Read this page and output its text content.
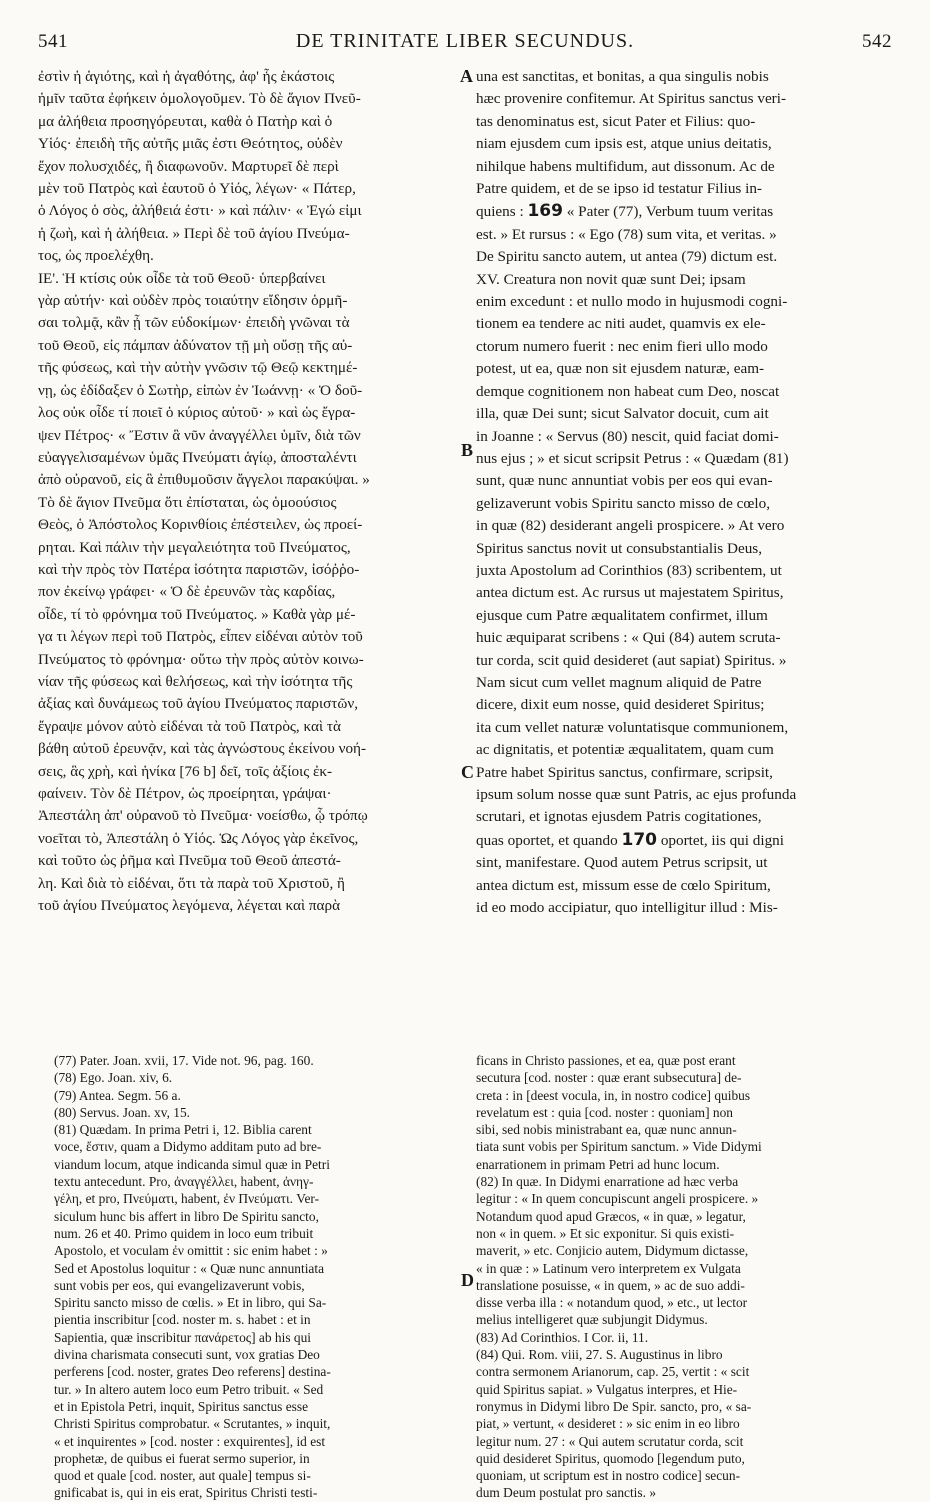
541	DE TRINITATE LIBER SECUNDUS.	542
ἐστὶν ἡ ἁγιότης, καὶ ἡ ἀγαθότης, ἀφ' ἧς ἑκάστοις
ἡμῖν ταῦτα ἐφήκειν ὁμολογοῦμεν. Τὸ δὲ ἅγιον Πνεῦ-
μα ἀλήθεια προσηγόρευται, καθὰ ὁ Πατὴρ καὶ ὁ
Υἱός· ἐπειδὴ τῆς αὐτῆς μιᾶς ἐστι Θεότητος, οὐδὲν
ἔχον πολυσχιδές, ἢ διαφωνοῦν. Μαρτυρεῖ δὲ περὶ
μὲν τοῦ Πατρὸς καὶ ἑαυτοῦ ὁ Υἱός, λέγων· « Πάτερ,
ὁ Λόγος ὁ σὸς, ἀλήθειά ἐστι· » καὶ πάλιν· « Ἐγώ εἰμι
ἡ ζωὴ, καὶ ἡ ἀλήθεια. » Περὶ δὲ τοῦ ἁγίου Πνεύμα-
τος, ὡς προελέχθη.
ΙΕ'. Ἡ κτίσις οὐκ οἶδε τὰ τοῦ Θεοῦ· ὑπερβαίνει
γὰρ αὐτήν· καὶ οὐδὲν πρὸς τοιαύτην εἴδησιν ὁρμῆ-
σαι τολμᾷ, κἂν ᾖ τῶν εὐδοκίμων· ἐπειδὴ γνῶναι τὰ
τοῦ Θεοῦ, εἰς πάμπαν ἀδύνατον τῇ μὴ οὔσῃ τῆς αὐ-
τῆς φύσεως, καὶ τὴν αὐτὴν γνῶσιν τῷ Θεῷ κεκτημέ-
νῃ, ὡς ἐδίδαξεν ὁ Σωτὴρ, εἰπὼν ἐν Ἰωάννῃ· « Ὁ δοῦ-
λος οὐκ οἶδε τί ποιεῖ ὁ κύριος αὐτοῦ· » καὶ ὡς ἔγρα-
ψεν Πέτρος· « Ἔστιν ἃ νῦν ἀναγγέλλει ὑμῖν, διὰ τῶν
εὐαγγελισαμένων ὑμᾶς Πνεύματι ἁγίῳ, ἀποσταλέντι
ἀπὸ οὐρανοῦ, εἰς ἃ ἐπιθυμοῦσιν ἄγγελοι παρακύψαι. »
Τὸ δὲ ἅγιον Πνεῦμα ὅτι ἐπίσταται, ὡς ὁμοούσιος
Θεὸς, ὁ Ἀπόστολος Κορινθίοις ἐπέστειλεν, ὡς προεί-
ρηται. Καὶ πάλιν τὴν μεγαλειότητα τοῦ Πνεύματος,
καὶ τὴν πρὸς τὸν Πατέρα ἰσότητα παριστῶν, ἰσόῤῥο-
πον ἐκείνῳ γράφει· « Ὁ δὲ ἐρευνῶν τὰς καρδίας,
οἶδε, τί τὸ φρόνημα τοῦ Πνεύματος. » Καθὰ γὰρ μέ-
γα τι λέγων περὶ τοῦ Πατρὸς, εἶπεν εἰδέναι αὐτὸν τοῦ
Πνεύματος τὸ φρόνημα· οὕτω τὴν πρὸς αὐτὸν κοινω-
νίαν τῆς φύσεως καὶ θελήσεως, καὶ τὴν ἰσότητα τῆς
ἀξίας καὶ δυνάμεως τοῦ ἁγίου Πνεύματος παριστῶν,
ἔγραψε μόνον αὐτὸ εἰδέναι τὰ τοῦ Πατρὸς, καὶ τὰ
βάθη αὐτοῦ ἐρευνᾷν, καὶ τὰς ἀγνώστους ἐκείνου νοή-
σεις, ἃς χρὴ, καὶ ἡνίκα [76 b] δεῖ, τοῖς ἀξίοις ἐκ-
φαίνειν. Τὸν δὲ Πέτρον, ὡς προείρηται, γράψαι·
Ἀπεστάλη ἀπ' οὐρανοῦ τὸ Πνεῦμα· νοείσθω, ᾧ τρόπῳ
νοεῖται τὸ, Ἀπεστάλη ὁ Υἱός. Ὡς Λόγος γὰρ ἐκεῖνος,
καὶ τοῦτο ὡς ῥῆμα καὶ Πνεῦμα τοῦ Θεοῦ ἀπεστά-
λη. Καὶ διὰ τὸ εἰδέναι, ὅτι τὰ παρὰ τοῦ Χριστοῦ, ἢ
τοῦ ἁγίου Πνεύματος λεγόμενα, λέγεται καὶ παρὰ
una est sanctitas, et bonitas, a qua singulis nobis
hæc provenire confitemur. At Spiritus sanctus veri-
tas denominatus est, sicut Pater et Filius: quo-
niam ejusdem cum ipsis est, atque unius deitatis,
nihilque habens multifidum, aut dissonum. Ac de
Patre quidem, et de se ipso id testatur Filius in-
quiens : 169 « Pater (77), Verbum tuum veritas
est. » Et rursus : « Ego (78) sum vita, et veritas. »
De Spiritu sancto autem, ut antea (79) dictum est.
XV. Creatura non novit quæ sunt Dei; ipsam
enim excedunt : et nullo modo in hujusmodi cogni-
tionem ea tendere ac niti audet, quamvis ex ele-
ctorum numero fuerit : nec enim fieri ullo modo
potest, ut ea, quæ non sit ejusdem naturæ, eam-
demque cognitionem non habeat cum Deo, noscat
illa, quæ Dei sunt; sicut Salvator docuit, cum ait
in Joanne : « Servus (80) nescit, quid faciat domi-
nus ejus ; » et sicut scripsit Petrus : « Quædam (81)
sunt, quæ nunc annuntiat vobis per eos qui evan-
gelizaverunt vobis Spiritu sancto misso de cœlo,
in quæ (82) desiderant angeli prospicere. » At vero
Spiritus sanctus novit ut consubstantialis Deus,
juxta Apostolum ad Corinthios (83) scribentem, ut
antea dictum est. Ac rursus ut majestatem Spiritus,
ejusque cum Patre æqualitatem confirmet, illum
huic æquiparat scribens : « Qui (84) autem scruta-
tur corda, scit quid desideret (aut sapiat) Spiritus. »
Nam sicut cum vellet magnum aliquid de Patre
dicere, dixit eum nosse, quid desideret Spiritus;
ita cum vellet naturæ voluntatisque communionem,
ac dignitatis, et potentiæ æqualitatem, quam cum
Patre habet Spiritus sanctus, confirmare, scripsit,
ipsum solum nosse quæ sunt Patris, ac ejus profunda
scrutari, et ignotas ejusdem Patris cogitationes,
quas oportet, et quando 170 oportet, iis qui digni
sint, manifestare. Quod autem Petrus scripsit, ut
antea dictum est, missum esse de cœlo Spiritum,
id eo modo accipiatur, quo intelligitur illud : Mis-
A
B
C
D
(77) Pater. Joan. xvii, 17. Vide not. 96, pag. 160.
(78) Ego. Joan. xiv, 6.
(79) Antea. Segm. 56 a.
(80) Servus. Joan. xv, 15.
(81) Quædam. In prima Petri i, 12. Biblia carent
voce, ἔστιν, quam a Didymo additam puto ad bre-
viandum locum, atque indicanda simul quæ in Petri
textu antecedunt. Pro, ἀναγγέλλει, habent, ἀνηγ-
γέλη, et pro, Πνεύματι, habent, ἐν Πνεύματι. Ver-
siculum hunc bis affert in libro De Spiritu sancto,
num. 26 et 40. Primo quidem in loco eum tribuit
Apostolo, et voculam ἐν omittit : sic enim habet : »
Sed et Apostolus loquitur : « Quæ nunc annuntiata
sunt vobis per eos, qui evangelizaverunt vobis,
Spiritu sancto misso de cœlis. » Et in libro, qui Sa-
pientia inscribitur [cod. noster m. s. habet : et in
Sapientia, quæ inscribitur πανάρετος] ab his qui
divina charismata consecuti sunt, vox gratias Deo
perferens [cod. noster, grates Deo referens] destina-
tur. » In altero autem loco eum Petro tribuit. « Sed
et in Epistola Petri, inquit, Spiritus sanctus esse
Christi Spiritus comprobatur. « Scrutantes, » inquit,
« et inquirentes » [cod. noster : exquirentes], id est
prophetæ, de quibus ei fuerat sermo superior, in
quod et quale [cod. noster, aut quale] tempus si-
gnificabat is, qui in eis erat, Spiritus Christi testi-
ficans in Christo passiones, et ea, quæ post erant
secutura [cod. noster : quæ erant subsecutura] de-
creta : in [deest vocula, in, in nostro codice] quibus
revelatum est : quia [cod. noster : quoniam] non
sibi, sed nobis ministrabant ea, quæ nunc annun-
tiata sunt vobis per Spiritum sanctum. » Vide Didymi
enarrationem in primam Petri ad hunc locum.
(82) In quæ. In Didymi enarratione ad hæc verba
legitur : « In quem concupiscunt angeli prospicere. »
Notandum quod apud Græcos, « in quæ, » legatur,
non « in quem. » Et sic exponitur. Si quis existi-
maverit, » etc. Conjicio autem, Didymum dictasse,
« in quæ : » Latinum vero interpretem ex Vulgata
translatione posuisse, « in quem, » ac de suo addi-
disse verba illa : « notandum quod, » etc., ut lector
melius intelligeret quæ subjungit Didymus.
(83) Ad Corinthios. I Cor. ii, 11.
(84) Qui. Rom. viii, 27. S. Augustinus in libro
contra sermonem Arianorum, cap. 25, vertit : « scit
quid Spiritus sapiat. » Vulgatus interpres, et Hie-
ronymus in Didymi libro De Spir. sancto, pro, « sa-
piat, » vertunt, « desideret : » sic enim in eo libro
legitur num. 27 : « Qui autem scrutatur corda, scit
quid desideret Spiritus, quomodo [legendum puto,
quoniam, ut scriptum est in nostro codice] secun-
dum Deum postulat pro sanctis. »
